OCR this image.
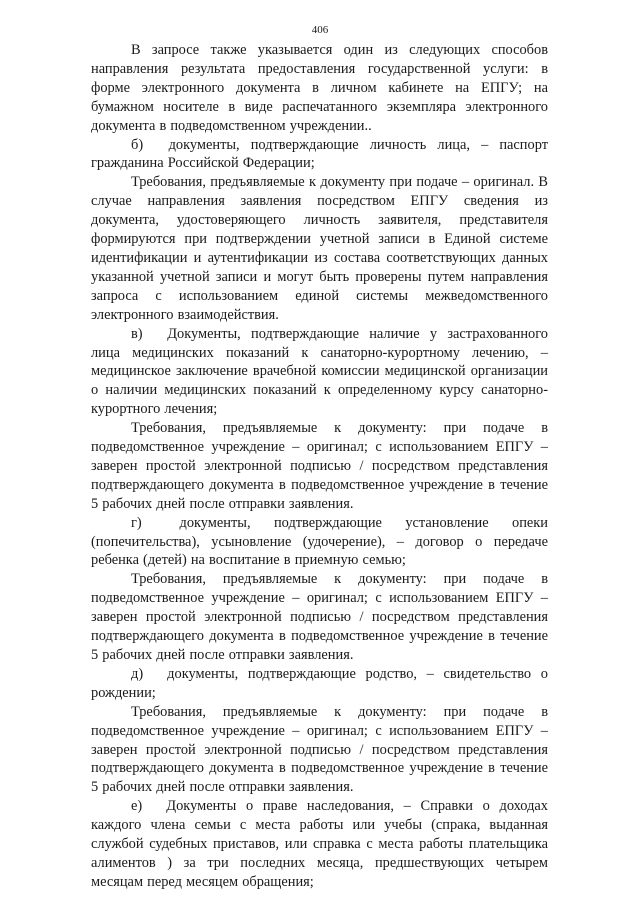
406

В запросе также указывается один из следующих способов направления результата предоставления государственной услуги: в форме электронного документа в личном кабинете на ЕПГУ; на бумажном носителе в виде распечатанного экземпляра электронного документа в подведомственном учреждении..

б)  документы, подтверждающие личность лица, – паспорт гражданина Российской Федерации;

Требования, предъявляемые к документу при подаче – оригинал. В случае направления заявления посредством ЕПГУ сведения из документа, удостоверяющего личность заявителя, представителя формируются при подтверждении учетной записи в Единой системе идентификации и аутентификации из состава соответствующих данных указанной учетной записи и могут быть проверены путем направления запроса с использованием единой системы межведомственного электронного взаимодействия.

в)  Документы, подтверждающие наличие у застрахованного лица медицинских показаний к санаторно-курортному лечению, – медицинское заключение врачебной комиссии медицинской организации о наличии медицинских показаний к определенному курсу санаторно-курортного лечения;

Требования, предъявляемые к документу: при подаче в подведомственное учреждение – оригинал; с использованием ЕПГУ – заверен простой электронной подписью / посредством представления подтверждающего документа в подведомственное учреждение в течение 5 рабочих дней после отправки заявления.

г)  документы, подтверждающие установление опеки (попечительства), усыновление (удочерение), – договор о передаче ребенка (детей) на воспитание в приемную семью;

Требования, предъявляемые к документу: при подаче в подведомственное учреждение – оригинал; с использованием ЕПГУ – заверен простой электронной подписью / посредством представления подтверждающего документа в подведомственное учреждение в течение 5 рабочих дней после отправки заявления.

д)  документы, подтверждающие родство, – свидетельство о рождении;

Требования, предъявляемые к документу: при подаче в подведомственное учреждение – оригинал; с использованием ЕПГУ – заверен простой электронной подписью / посредством представления подтверждающего документа в подведомственное учреждение в течение 5 рабочих дней после отправки заявления.

е)  Документы о праве наследования, – Справки о доходах каждого члена семьи с места работы или учебы (спрака, выданная службой судебных приставов, или справка с места работы плательщика алиментов ) за три последних месяца, предшествующих четырем месяцам перед месяцем обращения;
